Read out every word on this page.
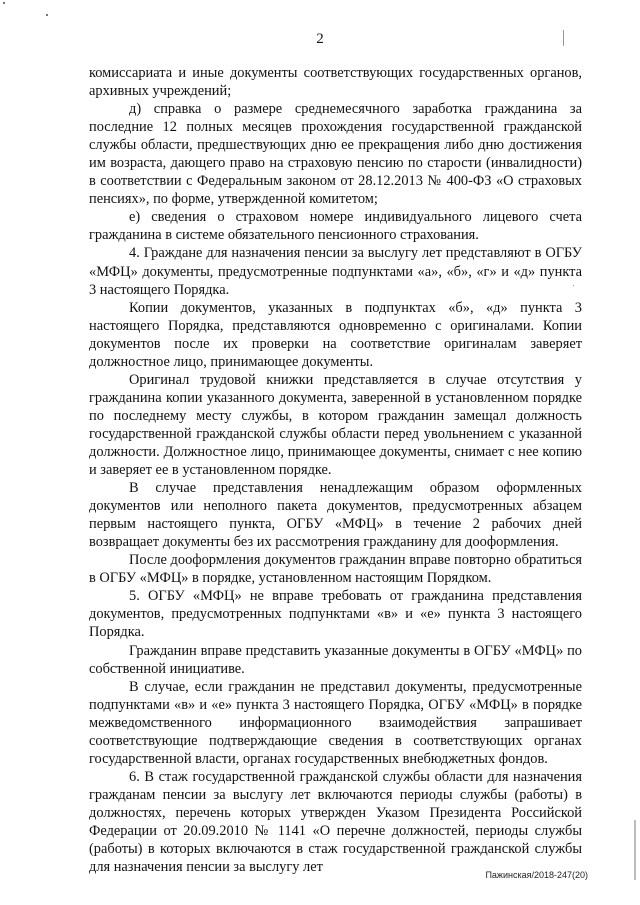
2

комиссариата и иные документы соответствующих государственных органов, архивных учреждений;

д) справка о размере среднемесячного заработка гражданина за последние 12 полных месяцев прохождения государственной гражданской службы области, предшествующих дню ее прекращения либо дню достижения им возраста, дающего право на страховую пенсию по старости (инвалидности) в соответствии с Федеральным законом от 28.12.2013 № 400-ФЗ «О страховых пенсиях», по форме, утвержденной комитетом;

е) сведения о страховом номере индивидуального лицевого счета гражданина в системе обязательного пенсионного страхования.

4. Граждане для назначения пенсии за выслугу лет представляют в ОГБУ «МФЦ» документы, предусмотренные подпунктами «а», «б», «г» и «д» пункта 3 настоящего Порядка.

Копии документов, указанных в подпунктах «б», «д» пункта 3 настоящего Порядка, представляются одновременно с оригиналами. Копии документов после их проверки на соответствие оригиналам заверяет должностное лицо, принимающее документы.

Оригинал трудовой книжки представляется в случае отсутствия у гражданина копии указанного документа, заверенной в установленном порядке по последнему месту службы, в котором гражданин замещал должность государственной гражданской службы области перед увольнением с указанной должности. Должностное лицо, принимающее документы, снимает с нее копию и заверяет ее в установленном порядке.

В случае представления ненадлежащим образом оформленных документов или неполного пакета документов, предусмотренных абзацем первым настоящего пункта, ОГБУ «МФЦ» в течение 2 рабочих дней возвращает документы без их рассмотрения гражданину для дооформления.

После дооформления документов гражданин вправе повторно обратиться в ОГБУ «МФЦ» в порядке, установленном настоящим Порядком.

5. ОГБУ «МФЦ» не вправе требовать от гражданина представления документов, предусмотренных подпунктами «в» и «е» пункта 3 настоящего Порядка.

Гражданин вправе представить указанные документы в ОГБУ «МФЦ» по собственной инициативе.

В случае, если гражданин не представил документы, предусмотренные подпунктами «в» и «е» пункта 3 настоящего Порядка, ОГБУ «МФЦ» в порядке межведомственного информационного взаимодействия запрашивает соответствующие подтверждающие сведения в соответствующих органах государственной власти, органах государственных внебюджетных фондов.

6. В стаж государственной гражданской службы области для назначения гражданам пенсии за выслугу лет включаются периоды службы (работы) в должностях, перечень которых утвержден Указом Президента Российской Федерации от 20.09.2010 № 1141 «О перечне должностей, периоды службы (работы) в которых включаются в стаж государственной гражданской службы для назначения пенсии за выслугу лет	Пажинская/2018-247(20)
